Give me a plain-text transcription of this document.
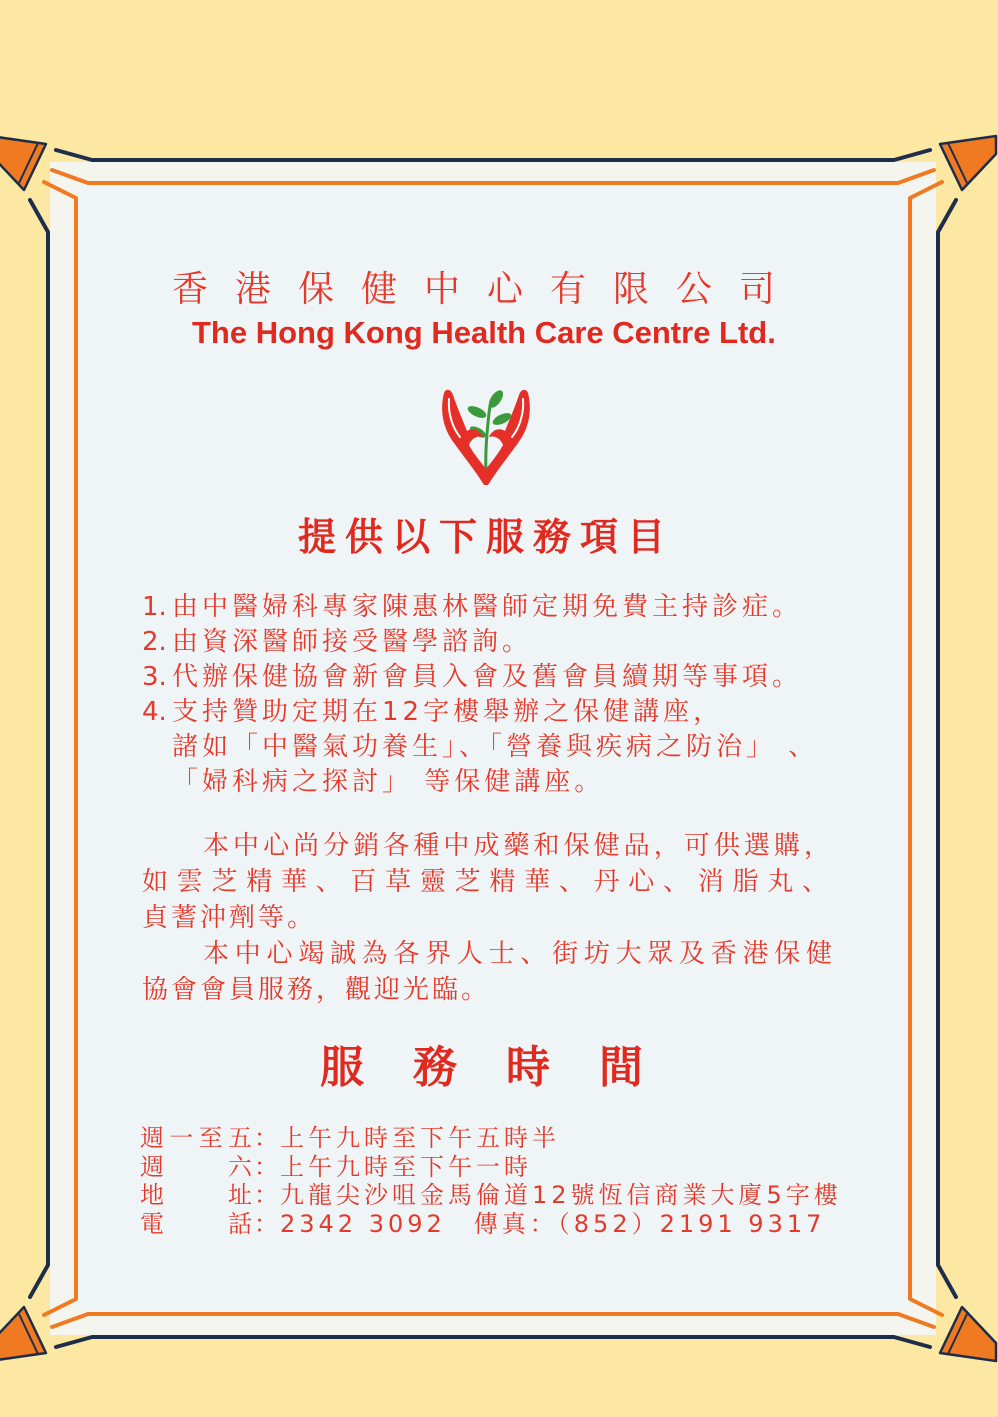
香港保健中心有限公司
The Hong Kong Health Care Centre Ltd.
提供以下服務項目
1. 由中醫婦科專家陳惠林醫師定期免費主持診症。
2. 由資深醫師接受醫學諮詢。
3. 代辦保健協會新會員入會及舊會員續期等事項。
4. 支持贊助定期在12字樓舉辦之保健講座，
諸如「中醫氣功養生」、「營養與疾病之防治」 、
「婦科病之探討」 等保健講座。
本中心尚分銷各種中成藥和保健品，可供選購，
如雲芝精華、百草靈芝精華、丹心、消脂丸、
貞蓍沖劑等。
本中心竭誠為各界人士、街坊大眾及香港保健
協會會員服務，觀迎光臨。
服務時間
週一至五 ： 上午九時至下午五時半
週六 ： 上午九時至下午一時
地址 ： 九龍尖沙咀金馬倫道12號恆信商業大廈5字樓
電話 ： 2342 3092　傳真：（852）2191 9317
